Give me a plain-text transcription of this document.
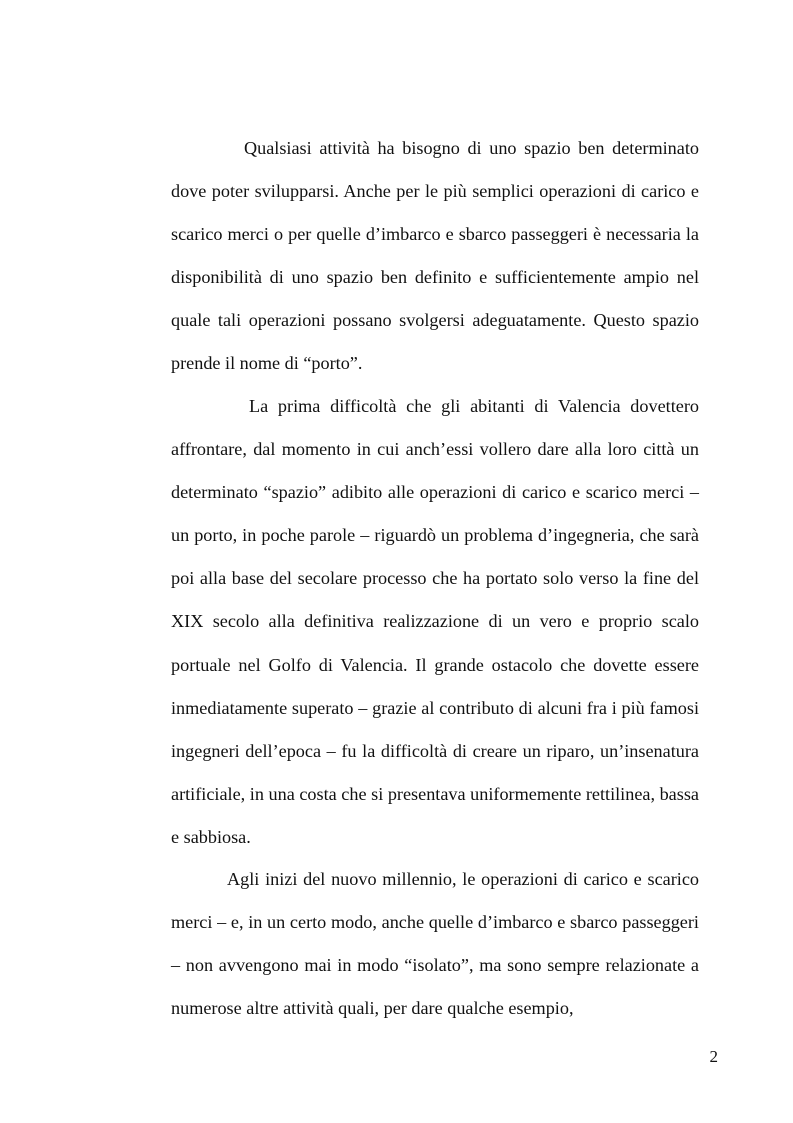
Qualsiasi attività ha bisogno di uno spazio ben determinato dove poter svilupparsi. Anche per le più semplici operazioni di carico e scarico merci o per quelle d’imbarco e sbarco passeggeri è necessaria la disponibilità di uno spazio ben definito e sufficientemente ampio nel quale tali operazioni possano svolgersi adeguatamente. Questo spazio prende il nome di “porto”.

La prima difficoltà che gli abitanti di Valencia dovettero affrontare, dal momento in cui anch’essi vollero dare alla loro città un determinato “spazio” adibito alle operazioni di carico e scarico merci – un porto, in poche parole – riguardò un problema d’ingegneria, che sarà poi alla base del secolare processo che ha portato solo verso la fine del XIX secolo alla definitiva realizzazione di un vero e proprio scalo portuale nel Golfo di Valencia. Il grande ostacolo che dovette essere inmediatamente superato – grazie al contributo di alcuni fra i più famosi ingegneri dell’epoca – fu la difficoltà di creare un riparo, un’insenatura artificiale, in una costa che si presentava uniformemente rettilinea, bassa e sabbiosa.

Agli inizi del nuovo millennio, le operazioni di carico e scarico merci – e, in un certo modo, anche quelle d’imbarco e sbarco passeggeri – non avvengono mai in modo “isolato”, ma sono sempre relazionate a numerose altre attività quali, per dare qualche esempio,

2
